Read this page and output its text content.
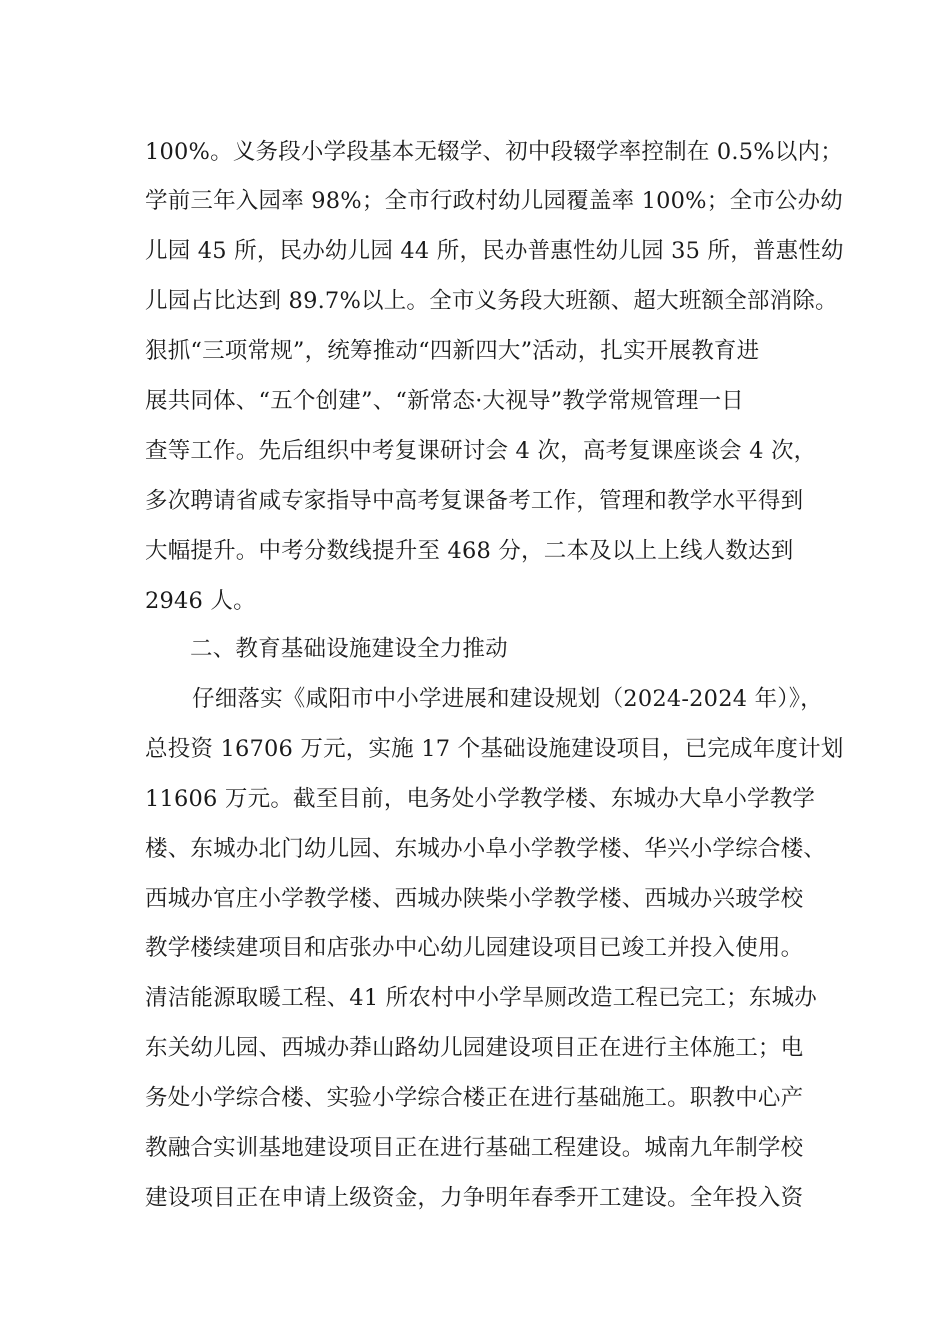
100%。义务段小学段基本无辍学、初中段辍学率控制在 0.5%以内；
学前三年入园率 98%；全市行政村幼儿园覆盖率 100%；全市公办幼
儿园 45 所，民办幼儿园 44 所，民办普惠性幼儿园 35 所，普惠性幼
儿园占比达到 89.7%以上。全市义务段大班额、超大班额全部消除。
狠抓“三项常规”，统筹推动“四新四大”活动，扎实开展教育进
展共同体、“五个创建”、“新常态·大视导”教学常规管理一日
查等工作。先后组织中考复课研讨会 4 次，高考复课座谈会 4 次，
多次聘请省咸专家指导中高考复课备考工作，管理和教学水平得到
大幅提升。中考分数线提升至 468 分，二本及以上上线人数达到
2946 人。
二、教育基础设施建设全力推动
仔细落实《咸阳市中小学进展和建设规划（2024-2024 年）》，
总投资 16706 万元，实施 17 个基础设施建设项目，已完成年度计划
11606 万元。截至目前，电务处小学教学楼、东城办大阜小学教学
楼、东城办北门幼儿园、东城办小阜小学教学楼、华兴小学综合楼、
西城办官庄小学教学楼、西城办陕柴小学教学楼、西城办兴玻学校
教学楼续建项目和店张办中心幼儿园建设项目已竣工并投入使用。
清洁能源取暖工程、41 所农村中小学旱厕改造工程已完工；东城办
东关幼儿园、西城办莽山路幼儿园建设项目正在进行主体施工；电
务处小学综合楼、实验小学综合楼正在进行基础施工。职教中心产
教融合实训基地建设项目正在进行基础工程建设。城南九年制学校
建设项目正在申请上级资金，力争明年春季开工建设。全年投入资
